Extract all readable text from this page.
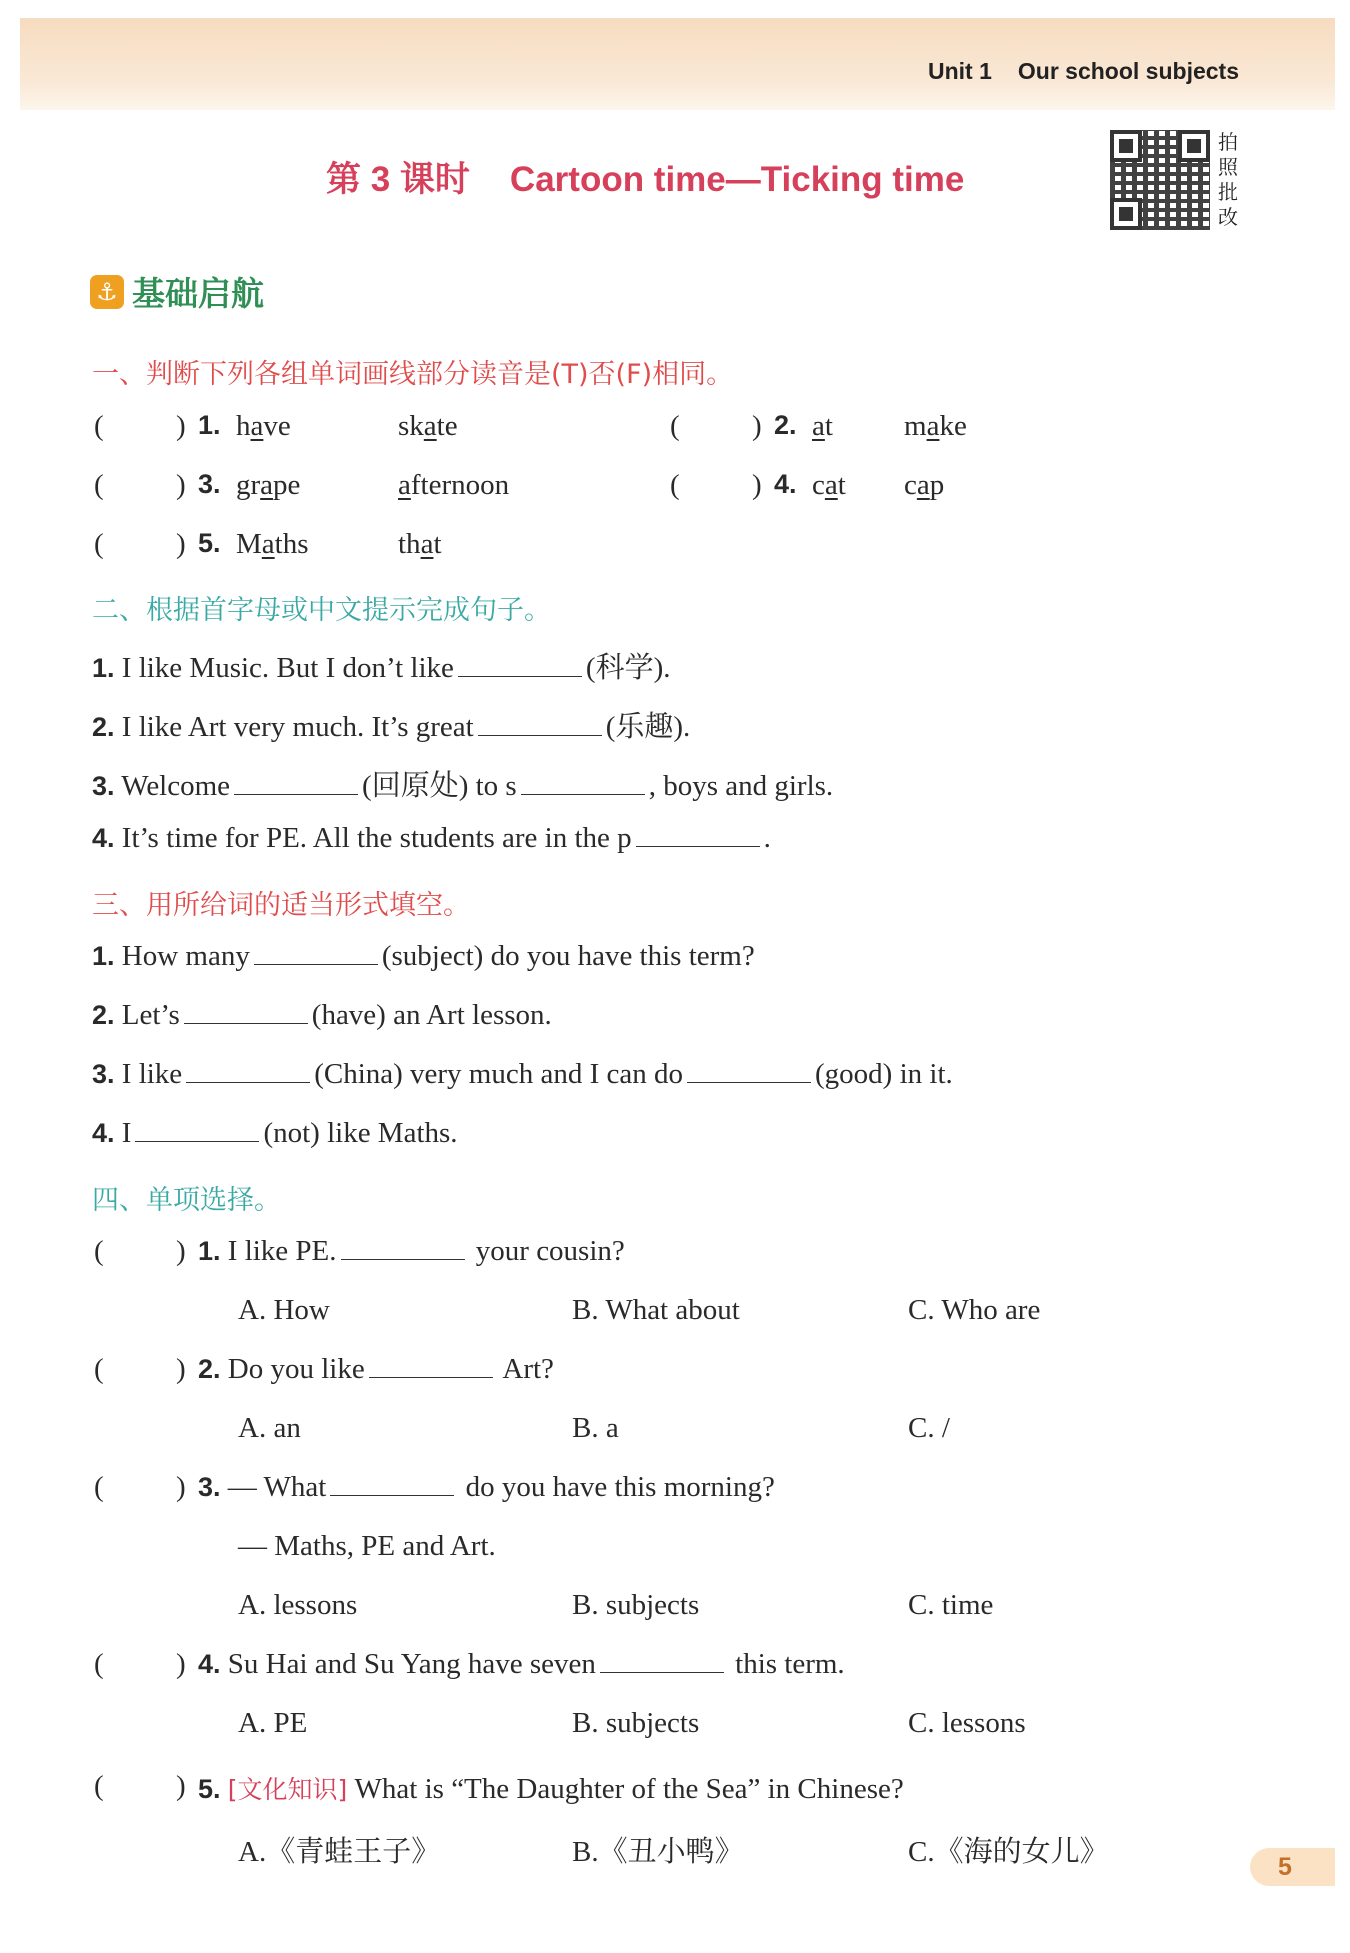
Unit 1 Our school subjects
第 3 课时 Cartoon time—Ticking time
拍照批改
⚓ 基础启航
一、判断下列各组单词画线部分读音是(T)否(F)相同。
( ) 1. have	skate	( ) 2. at make
( ) 3. grape	afternoon	( ) 4. cat cap
( ) 5. Maths	that
二、根据首字母或中文提示完成句子。
1. I like Music. But I don’t like	(科学).
2. I like Art very much. It’s great	(乐趣).
3. Welcome	(回原处) to s	, boys and girls.
4. It’s time for PE. All the students are in the p	.
三、用所给词的适当形式填空。
1. How many	(subject) do you have this term?
2. Let’s	(have) an Art lesson.
3. I like	(China) very much and I can do	(good) in it.
4. I	(not) like Maths.
四、单项选择。
( ) 1. I like PE.	your cousin?
A. How	B. What about	C. Who are
( ) 2. Do you like	Art?
A. an	B. a	C. /
( ) 3. — What	do you have this morning?
— Maths, PE and Art.
A. lessons	B. subjects	C. time
( ) 4. Su Hai and Su Yang have seven	this term.
A. PE	B. subjects	C. lessons
( ) 5. [文化知识] What is “The Daughter of the Sea” in Chinese?
A.《青蛙王子》	B.《丑小鸭》	C.《海的女儿》	5
